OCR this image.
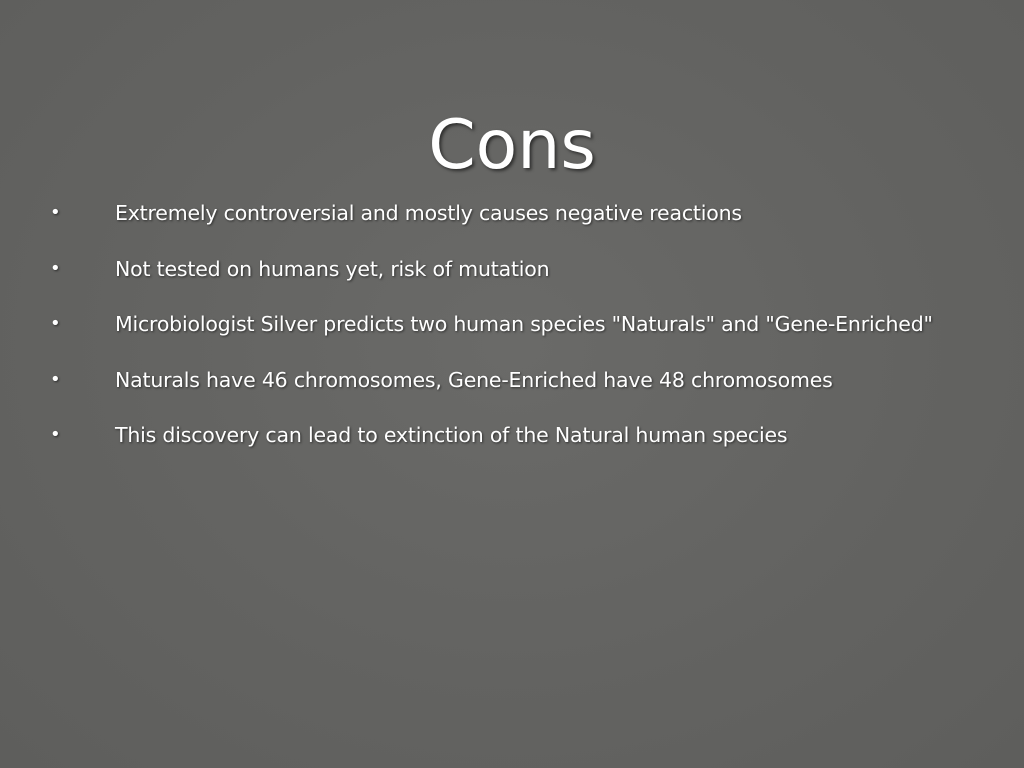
Cons
•	Extremely controversial and mostly causes negative reactions
•	Not tested on humans yet, risk of mutation
•	Microbiologist Silver predicts two human species "Naturals" and "Gene-Enriched"
•	Naturals have 46 chromosomes, Gene-Enriched have 48 chromosomes
•	This discovery can lead to extinction of the Natural human species
